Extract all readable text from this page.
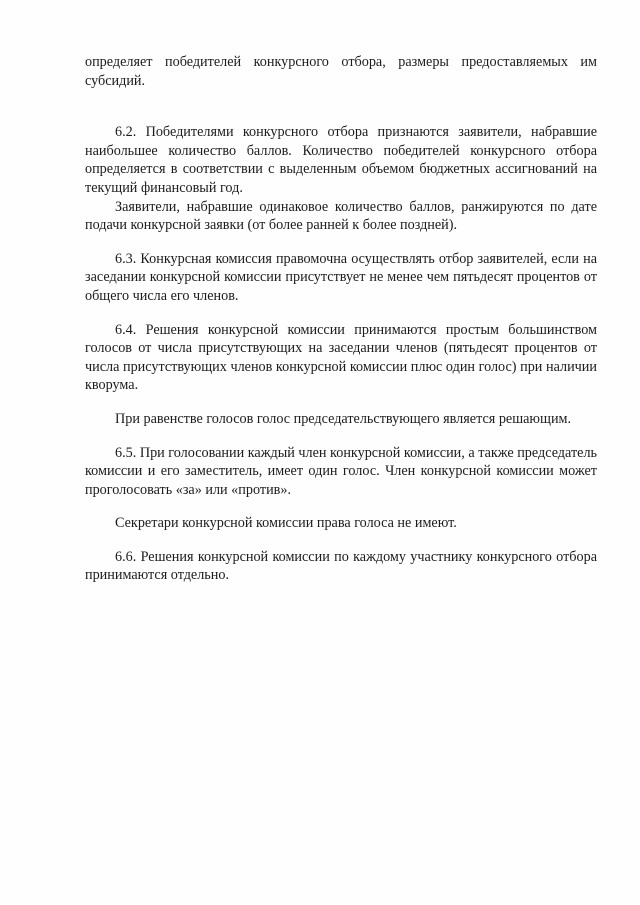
определяет победителей конкурсного отбора, размеры предоставляемых им субсидий.

6.2. Победителями конкурсного отбора признаются заявители, набравшие наибольшее количество баллов. Количество победителей конкурсного отбора определяется в соответствии с выделенным объемом бюджетных ассигнований на текущий финансовый год.

Заявители, набравшие одинаковое количество баллов, ранжируются по дате подачи конкурсной заявки (от более ранней к более поздней).

6.3. Конкурсная комиссия правомочна осуществлять отбор заявителей, если на заседании конкурсной комиссии присутствует не менее чем пятьдесят процентов от общего числа его членов.

6.4. Решения конкурсной комиссии принимаются простым большинством голосов от числа присутствующих на заседании членов (пятьдесят процентов от числа присутствующих членов конкурсной комиссии плюс один голос) при наличии кворума.

При равенстве голосов голос председательствующего является решающим.

6.5. При голосовании каждый член конкурсной комиссии, а также председатель комиссии и его заместитель, имеет один голос. Член конкурсной комиссии может проголосовать «за» или «против».

Секретари конкурсной комиссии права голоса не имеют.

6.6. Решения конкурсной комиссии по каждому участнику конкурсного отбора принимаются отдельно.
